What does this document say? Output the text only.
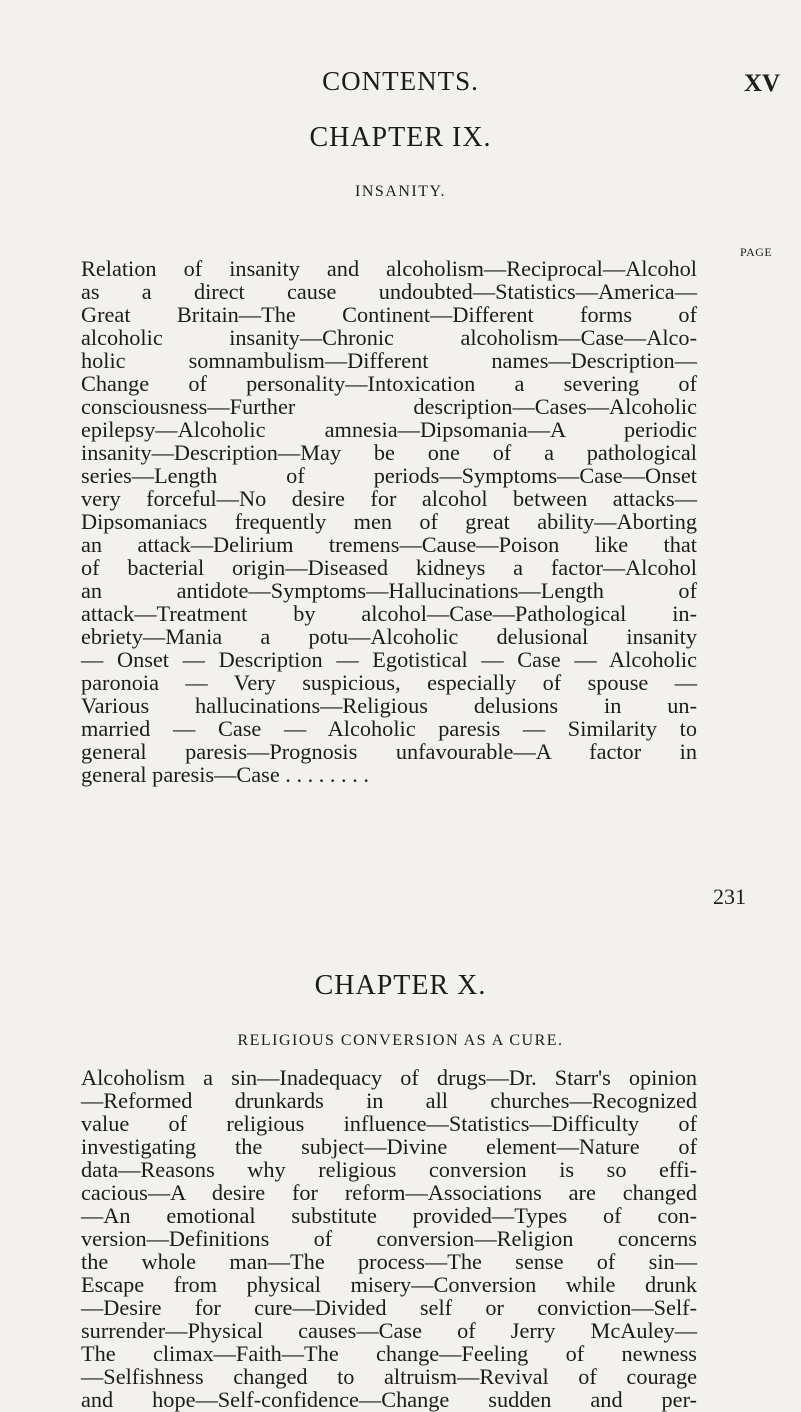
CONTENTS.	XV
CHAPTER IX.
INSANITY.
PAGE
Relation of insanity and alcoholism—Reciprocal—Alcohol
as a direct cause undoubted—Statistics—America—
Great Britain—The Continent—Different forms of
alcoholic insanity—Chronic alcoholism—Case—Alco-
holic somnambulism—Different names—Description—
Change of personality—Intoxication a severing of
consciousness—Further description—Cases—Alcoholic
epilepsy—Alcoholic amnesia—Dipsomania—A periodic
insanity—Description—May be one of a pathological
series—Length of periods—Symptoms—Case—Onset
very forceful—No desire for alcohol between attacks—
Dipsomaniacs frequently men of great ability—Aborting
an attack—Delirium tremens—Cause—Poison like that
of bacterial origin—Diseased kidneys a factor—Alcohol
an antidote—Symptoms—Hallucinations—Length of
attack—Treatment by alcohol—Case—Pathological in-
ebriety—Mania a potu—Alcoholic delusional insanity
— Onset — Description — Egotistical — Case — Alcoholic
paronoia — Very suspicious, especially of spouse —
Various hallucinations—Religious delusions in un-
married — Case — Alcoholic paresis — Similarity to
general paresis—Prognosis unfavourable—A factor in
general paresis—Case . . . . . . . .
231
CHAPTER X.
RELIGIOUS CONVERSION AS A CURE.
Alcoholism a sin—Inadequacy of drugs—Dr. Starr's opinion
—Reformed drunkards in all churches—Recognized
value of religious influence—Statistics—Difficulty of
investigating the subject—Divine element—Nature of
data—Reasons why religious conversion is so effi-
cacious—A desire for reform—Associations are changed
—An emotional substitute provided—Types of con-
version—Definitions of conversion—Religion concerns
the whole man—The process—The sense of sin—
Escape from physical misery—Conversion while drunk
—Desire for cure—Divided self or conviction—Self-
surrender—Physical causes—Case of Jerry McAuley—
The climax—Faith—The change—Feeling of newness
—Selfishness changed to altruism—Revival of courage
and hope—Self-confidence—Change sudden and per-
